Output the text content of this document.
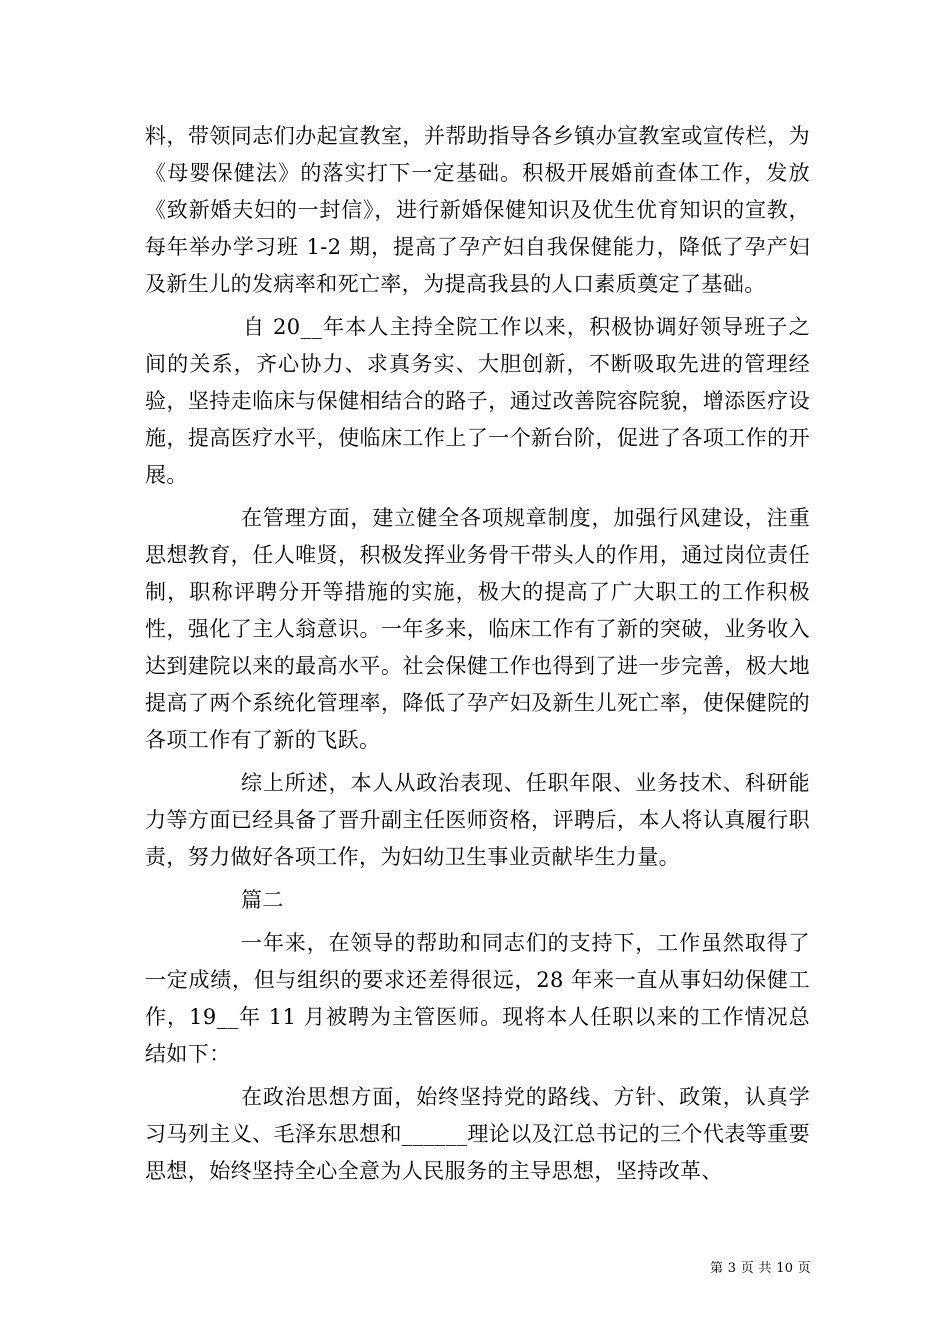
料，带领同志们办起宣教室，并帮助指导各乡镇办宣教室或宣传栏，为《母婴保健法》的落实打下一定基础。积极开展婚前查体工作，发放《致新婚夫妇的一封信》，进行新婚保健知识及优生优育知识的宣教，每年举办学习班 1-2 期，提高了孕产妇自我保健能力，降低了孕产妇及新生儿的发病率和死亡率，为提高我县的人口素质奠定了基础。

自 20__年本人主持全院工作以来，积极协调好领导班子之间的关系，齐心协力、求真务实、大胆创新，不断吸取先进的管理经验，坚持走临床与保健相结合的路子，通过改善院容院貌，增添医疗设施，提高医疗水平，使临床工作上了一个新台阶，促进了各项工作的开展。

在管理方面，建立健全各项规章制度，加强行风建设，注重思想教育，任人唯贤，积极发挥业务骨干带头人的作用，通过岗位责任制，职称评聘分开等措施的实施，极大的提高了广大职工的工作积极性，强化了主人翁意识。一年多来，临床工作有了新的突破，业务收入达到建院以来的最高水平。社会保健工作也得到了进一步完善，极大地提高了两个系统化管理率，降低了孕产妇及新生儿死亡率，使保健院的各项工作有了新的飞跃。

综上所述，本人从政治表现、任职年限、业务技术、科研能力等方面已经具备了晋升副主任医师资格，评聘后，本人将认真履行职责，努力做好各项工作，为妇幼卫生事业贡献毕生力量。

篇二

一年来，在领导的帮助和同志们的支持下，工作虽然取得了一定成绩，但与组织的要求还差得很远，28 年来一直从事妇幼保健工作，19__年 11 月被聘为主管医师。现将本人任职以来的工作情况总结如下：

在政治思想方面，始终坚持党的路线、方针、政策，认真学习马列主义、毛泽东思想和______理论以及江总书记的三个代表等重要思想，始终坚持全心全意为人民服务的主导思想，坚持改革、

第 3 页 共 10 页
